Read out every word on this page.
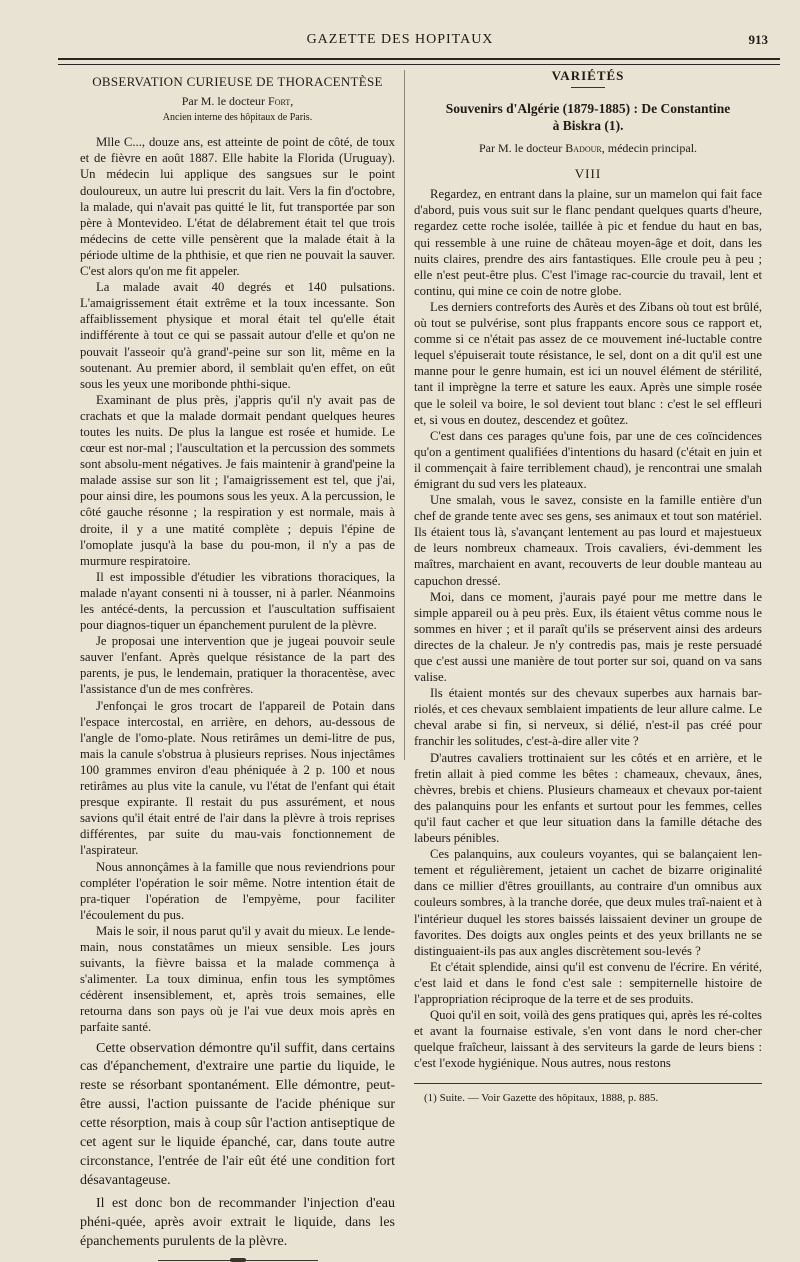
GAZETTE DES HOPITAUX	913
OBSERVATION CURIEUSE DE THORACENTÈSE
Par M. le docteur Fort,
Ancien interne des hôpitaux de Paris.

Mlle C..., douze ans, est atteinte de point de côté, de toux et de fièvre en août 1887. Elle habite la Florida (Uruguay). Un médecin lui applique des sangsues sur le point douloureux, un autre lui prescrit du lait. Vers la fin d'octobre, la malade, qui n'avait pas quitté le lit, fut transportée par son père à Montevideo. L'état de délabrement était tel que trois médecins de cette ville pensèrent que la malade était à la période ultime de la phthisie, et que rien ne pouvait la sauver. C'est alors qu'on me fit appeler.

La malade avait 40 degrés et 140 pulsations. L'amaigrissement était extrême et la toux incessante. Son affaiblissement physique et moral était tel qu'elle était indifférente à tout ce qui se passait autour d'elle et qu'on ne pouvait l'asseoir qu'à grand'-peine sur son lit, même en la soutenant. Au premier abord, il semblait qu'en effet, on eût sous les yeux une moribonde phthi-sique.

Examinant de plus près, j'appris qu'il n'y avait pas de crachats et que la malade dormait pendant quelques heures toutes les nuits. De plus la langue est rosée et humide. Le cœur est nor-mal ; l'auscultation et la percussion des sommets sont absolu-ment négatives. Je fais maintenir à grand'peine la malade assise sur son lit ; l'amaigrissement est tel, que j'ai, pour ainsi dire, les poumons sous les yeux. A la percussion, le côté gauche résonne ; la respiration y est normale, mais à droite, il y a une matité complète ; depuis l'épine de l'omoplate jusqu'à la base du pou-mon, il n'y a pas de murmure respiratoire.

Il est impossible d'étudier les vibrations thoraciques, la malade n'ayant consenti ni à tousser, ni à parler. Néanmoins les antécé-dents, la percussion et l'auscultation suffisaient pour diagnos-tiquer un épanchement purulent de la plèvre.

Je proposai une intervention que je jugeai pouvoir seule sauver l'enfant. Après quelque résistance de la part des parents, je pus, le lendemain, pratiquer la thoracentèse, avec l'assistance d'un de mes confrères.

J'enfonçai le gros trocart de l'appareil de Potain dans l'espace intercostal, en arrière, en dehors, au-dessous de l'angle de l'omo-plate. Nous retirâmes un demi-litre de pus, mais la canule s'obstrua à plusieurs reprises. Nous injectâmes 100 grammes environ d'eau phéniquée à 2 p. 100 et nous retirâmes au plus vite la canule, vu l'état de l'enfant qui était presque expirante. Il restait du pus assurément, et nous savions qu'il était entré de l'air dans la plèvre à trois reprises différentes, par suite du mau-vais fonctionnement de l'aspirateur.

Nous annonçâmes à la famille que nous reviendrions pour compléter l'opération le soir même. Notre intention était de pra-tiquer l'opération de l'empyème, pour faciliter l'écoulement du pus.

Mais le soir, il nous parut qu'il y avait du mieux. Le lende-main, nous constatâmes un mieux sensible. Les jours suivants, la fièvre baissa et la malade commença à s'alimenter. La toux diminua, enfin tous les symptômes cédèrent insensiblement, et, après trois semaines, elle retourna dans son pays où je l'ai vue deux mois après en parfaite santé.

Cette observation démontre qu'il suffit, dans certains cas d'épanchement, d'extraire une partie du liquide, le reste se résorbant spontanément. Elle démontre, peut-être aussi, l'action puissante de l'acide phénique sur cette résorption, mais à coup sûr l'action antiseptique de cet agent sur le liquide épanché, car, dans toute autre circonstance, l'entrée de l'air eût été une condition fort désavantageuse.

Il est donc bon de recommander l'injection d'eau phéni-quée, après avoir extrait le liquide, dans les épanchements purulents de la plèvre.

VARIÉTÉS
Souvenirs d'Algérie (1879-1885) : De Constantine
à Biskra (1).
Par M. le docteur Badour, médecin principal.
VIII

Regardez, en entrant dans la plaine, sur un mamelon qui fait face d'abord, puis vous suit sur le flanc pendant quelques quarts d'heure, regardez cette roche isolée, taillée à pic et fendue du haut en bas, qui ressemble à une ruine de château moyen-âge et doit, dans les nuits claires, prendre des airs fantastiques. Elle croule peu à peu ; elle n'est peut-être plus. C'est l'image rac-courcie du travail, lent et continu, qui mine ce coin de notre globe.

Les derniers contreforts des Aurès et des Zibans où tout est brûlé, où tout se pulvérise, sont plus frappants encore sous ce rapport et, comme si ce n'était pas assez de ce mouvement iné-luctable contre lequel s'épuiserait toute résistance, le sel, dont on a dit qu'il est une manne pour le genre humain, est ici un nouvel élément de stérilité, tant il imprègne la terre et sature les eaux. Après une simple rosée que le soleil va boire, le sol devient tout blanc : c'est le sel effleuri et, si vous en doutez, descendez et goûtez.

C'est dans ces parages qu'une fois, par une de ces coïncidences qu'on a gentiment qualifiées d'intentions du hasard (c'était en juin et il commençait à faire terriblement chaud), je rencontrai une smalah émigrant du sud vers les plateaux.

Une smalah, vous le savez, consiste en la famille entière d'un chef de grande tente avec ses gens, ses animaux et tout son matériel. Ils étaient tous là, s'avançant lentement au pas lourd et majestueux de leurs nombreux chameaux. Trois cavaliers, évi-demment les maîtres, marchaient en avant, recouverts de leur double manteau au capuchon dressé.

Moi, dans ce moment, j'aurais payé pour me mettre dans le simple appareil ou à peu près. Eux, ils étaient vêtus comme nous le sommes en hiver ; et il paraît qu'ils se préservent ainsi des ardeurs directes de la chaleur. Je n'y contredis pas, mais je reste persuadé que c'est aussi une manière de tout porter sur soi, quand on va sans valise.

Ils étaient montés sur des chevaux superbes aux harnais bar-riolés, et ces chevaux semblaient impatients de leur allure calme. Le cheval arabe si fin, si nerveux, si délié, n'est-il pas créé pour franchir les solitudes, c'est-à-dire aller vite ?

D'autres cavaliers trottinaient sur les côtés et en arrière, et le fretin allait à pied comme les bêtes : chameaux, chevaux, ânes, chèvres, brebis et chiens. Plusieurs chameaux et chevaux por-taient des palanquins pour les enfants et surtout pour les femmes, celles qu'il faut cacher et que leur situation dans la famille détache des labeurs pénibles.

Ces palanquins, aux couleurs voyantes, qui se balançaient len-tement et régulièrement, jetaient un cachet de bizarre originalité dans ce millier d'êtres grouillants, au contraire d'un omnibus aux couleurs sombres, à la tranche dorée, que deux mules traî-naient et à l'intérieur duquel les stores baissés laissaient deviner un groupe de favorites. Des doigts aux ongles peints et des yeux brillants ne se distinguaient-ils pas aux angles discrètement sou-levés ?

Et c'était splendide, ainsi qu'il est convenu de l'écrire. En vérité, c'est laid et dans le fond c'est sale : sempiternelle histoire de l'appropriation réciproque de la terre et de ses produits.

Quoi qu'il en soit, voilà des gens pratiques qui, après les ré-coltes et avant la fournaise estivale, s'en vont dans le nord cher-cher quelque fraîcheur, laissant à des serviteurs la garde de leurs biens : c'est l'exode hygiénique. Nous autres, nous restons

(1) Suite. — Voir Gazette des hôpitaux, 1888, p. 885.
